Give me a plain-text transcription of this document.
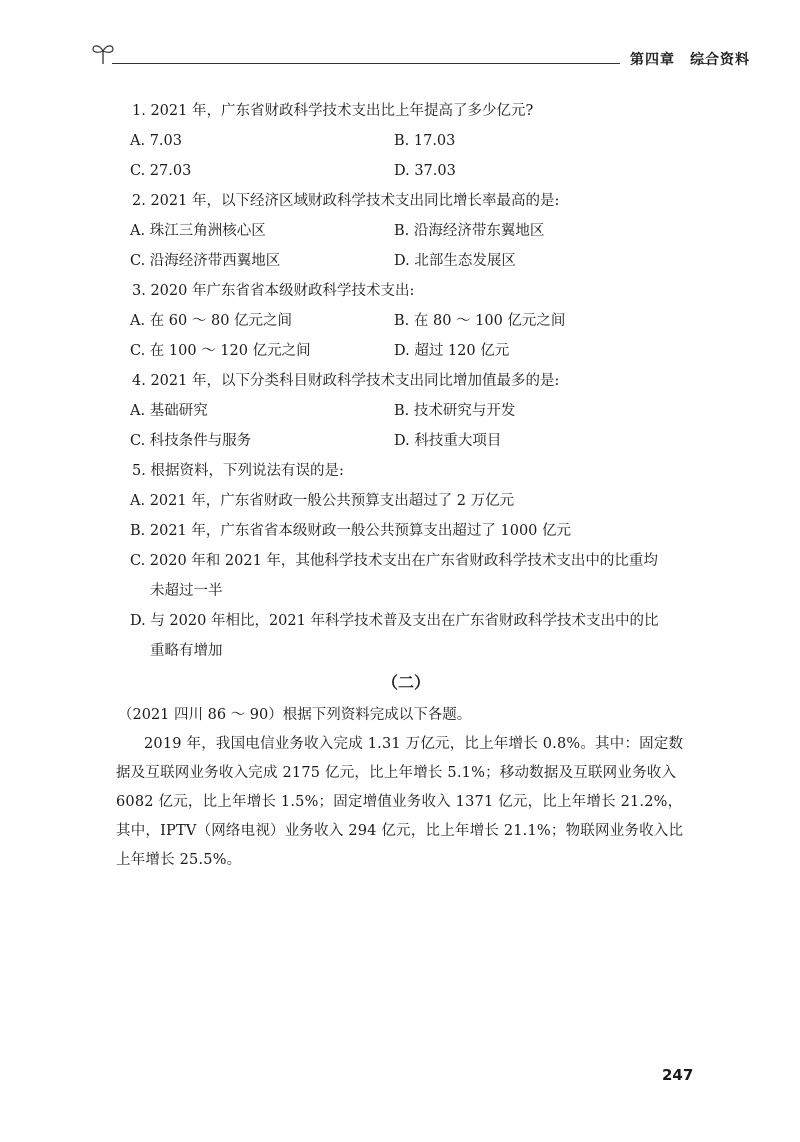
第四章　综合资料
1. 2021 年，广东省财政科学技术支出比上年提高了多少亿元?
A. 7.03	B. 17.03
C. 27.03	D. 37.03
2. 2021 年，以下经济区域财政科学技术支出同比增长率最高的是:
A. 珠江三角洲核心区	B. 沿海经济带东翼地区
C. 沿海经济带西翼地区	D. 北部生态发展区
3. 2020 年广东省省本级财政科学技术支出:
A. 在 60 ～ 80 亿元之间	B. 在 80 ～ 100 亿元之间
C. 在 100 ～ 120 亿元之间	D. 超过 120 亿元
4. 2021 年，以下分类科目财政科学技术支出同比增加值最多的是:
A. 基础研究	B. 技术研究与开发
C. 科技条件与服务	D. 科技重大项目
5. 根据资料，下列说法有误的是:
A. 2021 年，广东省财政一般公共预算支出超过了 2 万亿元
B. 2021 年，广东省省本级财政一般公共预算支出超过了 1000 亿元
C. 2020 年和 2021 年，其他科学技术支出在广东省财政科学技术支出中的比重均
未超过一半
D. 与 2020 年相比，2021 年科学技术普及支出在广东省财政科学技术支出中的比
重略有增加
（二）
（2021 四川 86 ～ 90）根据下列资料完成以下各题。
2019 年，我国电信业务收入完成 1.31 万亿元，比上年增长 0.8%。其中：固定数据及互联网业务收入完成 2175 亿元，比上年增长 5.1%；移动数据及互联网业务收入 6082 亿元，比上年增长 1.5%；固定增值业务收入 1371 亿元，比上年增长 21.2%，其中，IPTV（网络电视）业务收入 294 亿元，比上年增长 21.1%；物联网业务收入比上年增长 25.5%。
247
